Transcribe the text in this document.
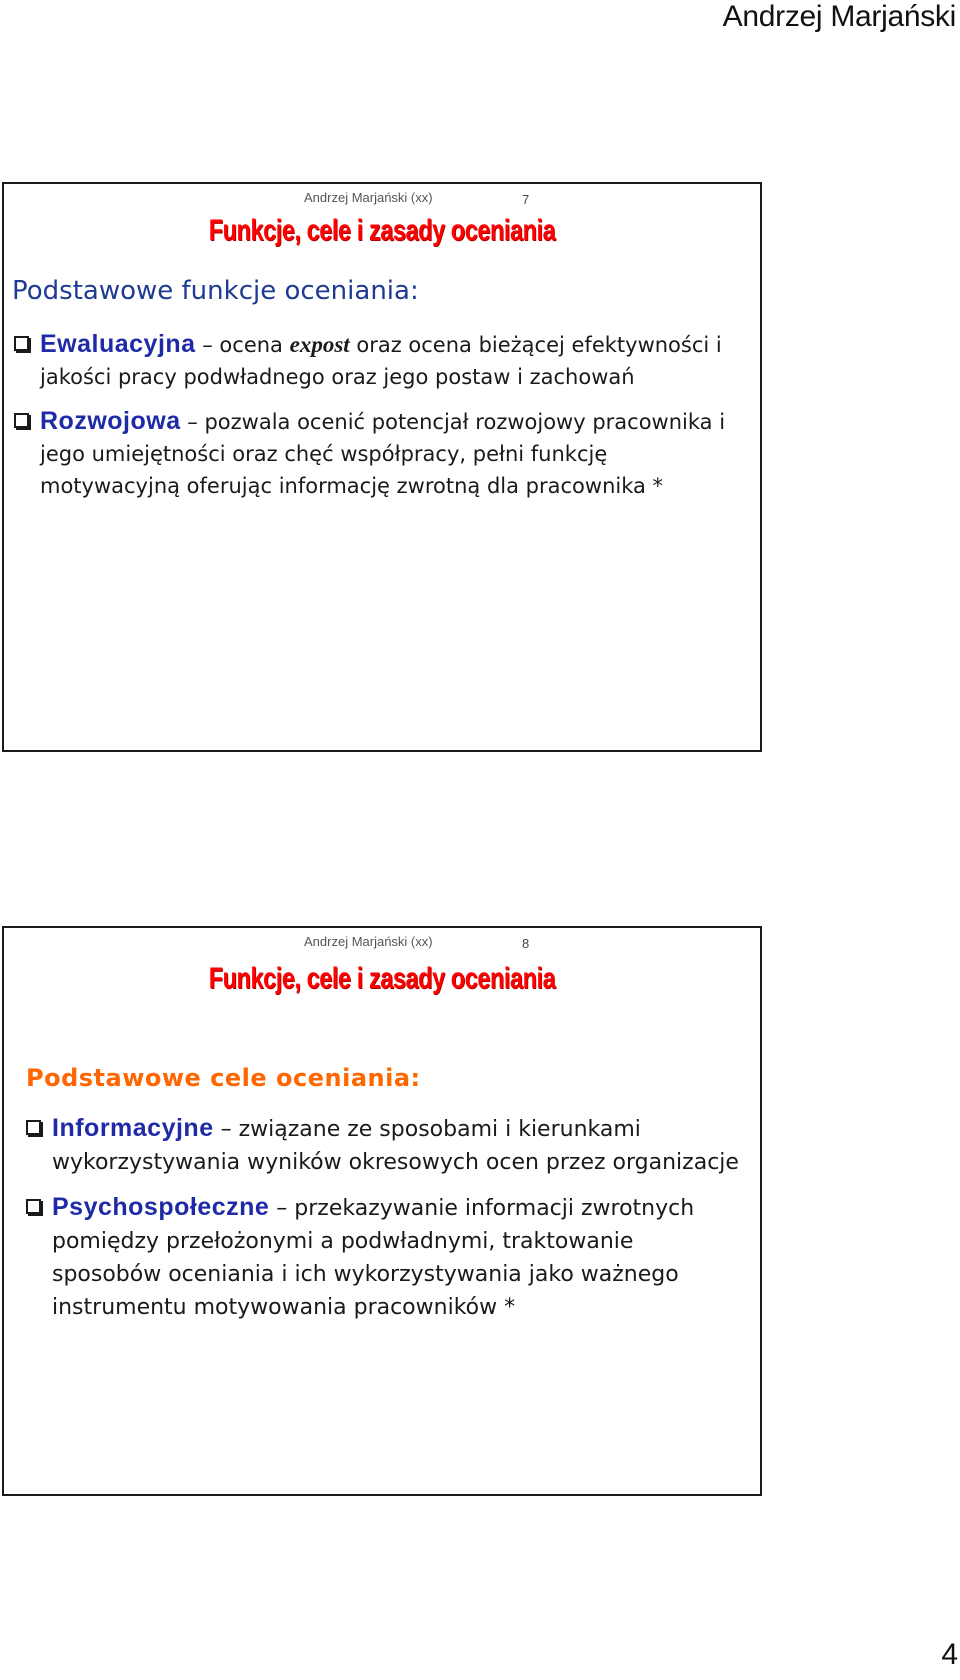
Andrzej Marjański
Andrzej Marjański (xx)	7
Funkcje, cele i zasady oceniania
Podstawowe funkcje oceniania:
Ewaluacyjna – ocena expost oraz ocena bieżącej efektywności i jakości pracy podwładnego oraz jego postaw i zachowań
Rozwojowa – pozwala ocenić potencjał rozwojowy pracownika i jego umiejętności oraz chęć współpracy, pełni funkcję motywacyjną oferując informację zwrotną dla pracownika *
Andrzej Marjański (xx)	8
Funkcje, cele i zasady oceniania
Podstawowe cele oceniania:
Informacyjne – związane ze sposobami i kierunkami wykorzystywania wyników okresowych ocen przez organizacje
Psychospołeczne – przekazywanie informacji zwrotnych pomiędzy przełożonymi a podwładnymi, traktowanie sposobów oceniania i ich wykorzystywania jako ważnego instrumentu motywowania pracowników *
4
